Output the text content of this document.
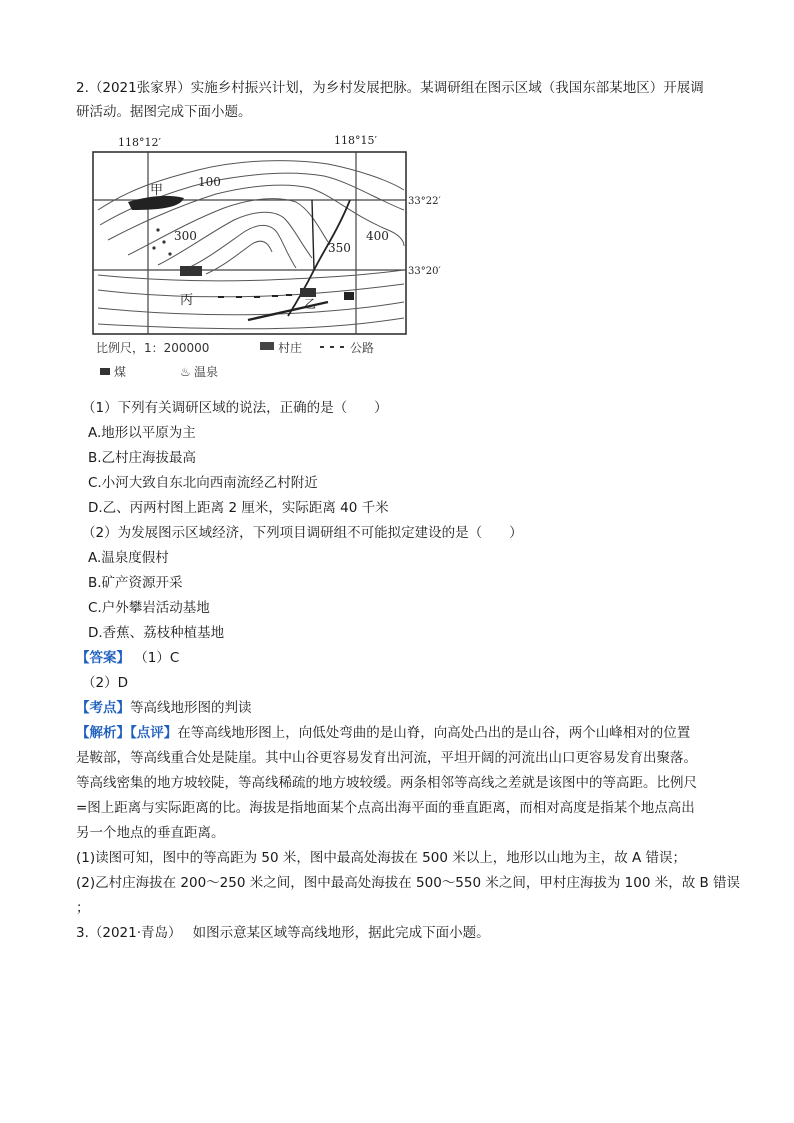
2.（2021张家界）实施乡村振兴计划，为乡村发展把脉。某调研组在图示区域（我国东部某地区）开展调
研活动。据图完成下面小题。
118°12′	118°15′
33°22′
33°20′
甲
100
300
350
400
丙	乙
比例尺，1：200000	村庄	公路
煤	♨ 温泉
（1）下列有关调研区域的说法，正确的是（　　）
A.地形以平原为主
B.乙村庄海拔最高
C.小河大致自东北向西南流经乙村附近
D.乙、丙两村图上距离 2 厘米，实际距离 40 千米
（2）为发展图示区域经济，下列项目调研组不可能拟定建设的是（　　）
A.温泉度假村
B.矿产资源开采
C.户外攀岩活动基地
D.香蕉、荔枝种植基地
【答案】 （1）C
（2）D
【考点】等高线地形图的判读
【解析】【点评】在等高线地形图上，向低处弯曲的是山脊，向高处凸出的是山谷，两个山峰相对的位置
是鞍部，等高线重合处是陡崖。其中山谷更容易发育出河流，平坦开阔的河流出山口更容易发育出聚落。
等高线密集的地方坡较陡，等高线稀疏的地方坡较缓。两条相邻等高线之差就是该图中的等高距。比例尺
=图上距离与实际距离的比。海拔是指地面某个点高出海平面的垂直距离，而相对高度是指某个地点高出
另一个地点的垂直距离。
(1)读图可知，图中的等高距为 50 米，图中最高处海拔在 500 米以上，地形以山地为主，故 A 错误；
(2)乙村庄海拔在 200～250 米之间，图中最高处海拔在 500～550 米之间，甲村庄海拔为 100 米，故 B 错误
；
3.（2021·青岛）　 如图示意某区域等高线地形，据此完成下面小题。
